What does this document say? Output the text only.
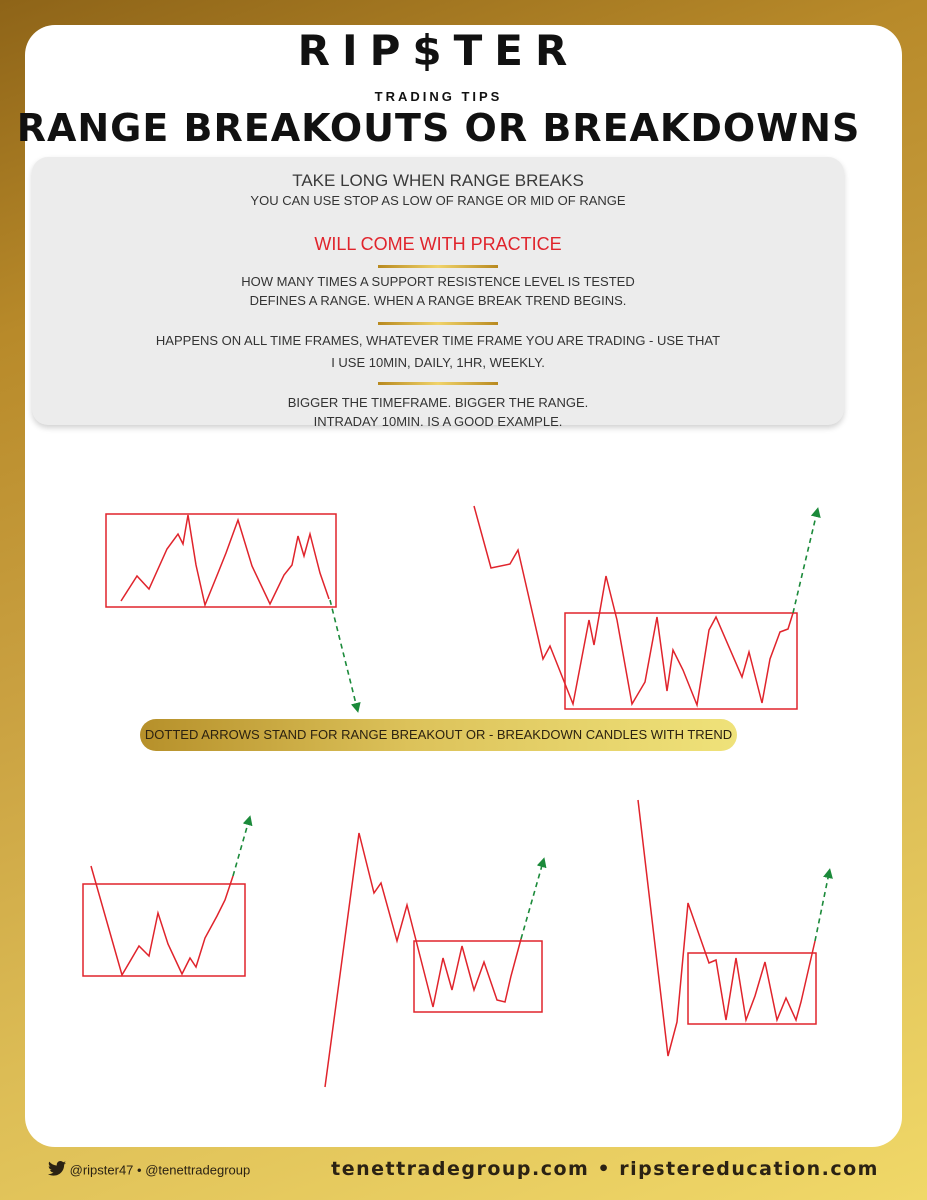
RIP$TER
TRADING TIPS
RANGE BREAKOUTS OR BREAKDOWNS
TAKE LONG WHEN RANGE BREAKS
YOU CAN USE STOP AS LOW OF RANGE OR MID OF RANGE
WILL COME WITH PRACTICE
HOW MANY TIMES A SUPPORT RESISTENCE LEVEL IS TESTED
DEFINES A RANGE. WHEN A RANGE BREAK TREND BEGINS.
HAPPENS ON ALL TIME FRAMES, WHATEVER TIME FRAME YOU ARE TRADING - USE THAT
I USE 10MIN, DAILY, 1HR, WEEKLY.
BIGGER THE TIMEFRAME. BIGGER THE RANGE.
INTRADAY 10MIN. IS A GOOD EXAMPLE.
DOTTED ARROWS STAND FOR RANGE BREAKOUT OR - BREAKDOWN CANDLES WITH TREND
@ripster47 • @tenettradegroup	tenettradegroup.com • ripstereducation.com
